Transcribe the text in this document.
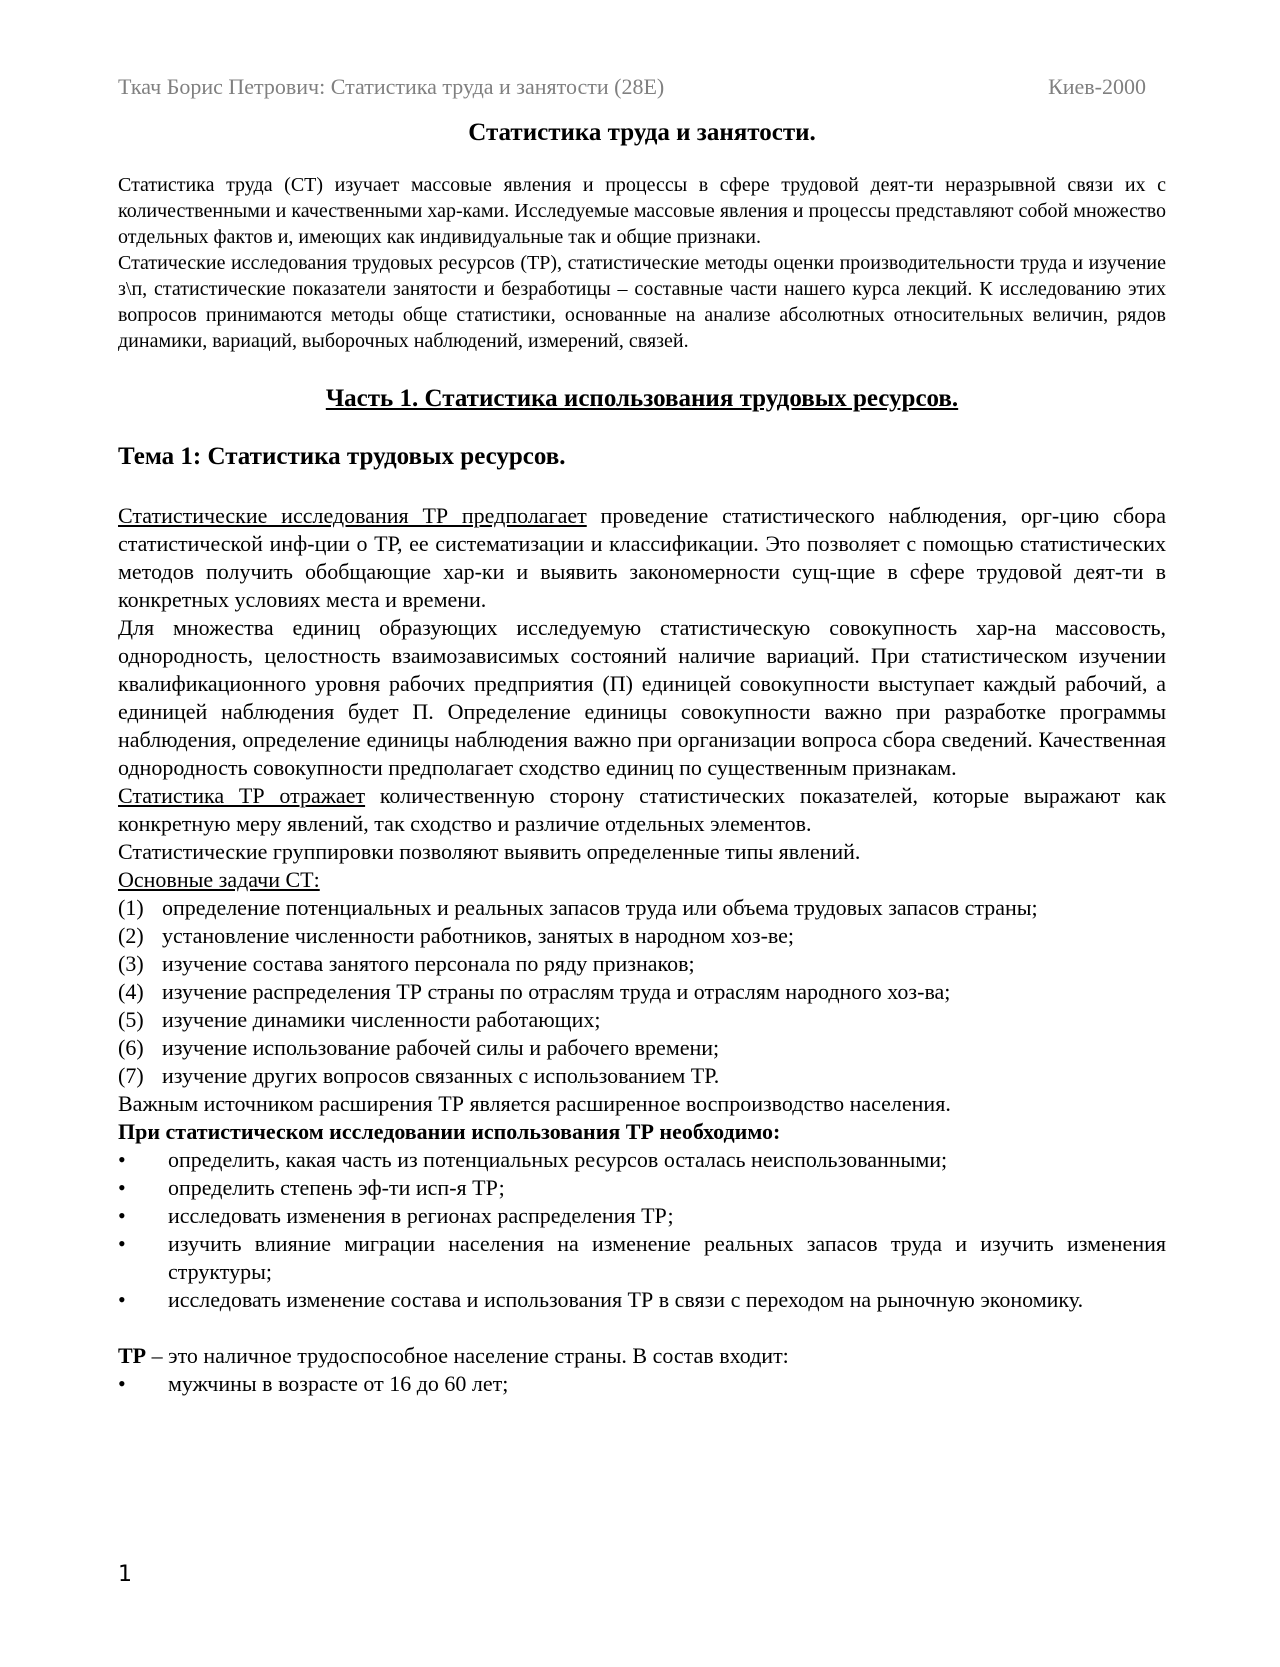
Ткач Борис Петрович: Статистика труда и занятости (28Е)	Киев-2000
Статистика труда и занятости.

Статистика труда (СТ) изучает массовые явления и процессы в сфере трудовой деят-ти неразрывной связи их с количественными и качественными хар-ками. Исследуемые массовые явления и процессы представляют собой множество отдельных фактов и, имеющих как индивидуальные так и общие признаки.

Статические исследования трудовых ресурсов (ТР), статистические методы оценки производительности труда и изучение з\п, статистические показатели занятости и безработицы – составные части нашего курса лекций. К исследованию этих вопросов принимаются методы обще статистики, основанные на анализе абсолютных относительных величин, рядов динамики, вариаций, выборочных наблюдений, измерений, связей.

Часть 1. Статистика использования трудовых ресурсов.
Тема 1: Статистика трудовых ресурсов.

Статистические исследования ТР предполагает проведение статистического наблюдения, орг-цию сбора статистической инф-ции о ТР, ее систематизации и классификации. Это позволяет с помощью статистических методов получить обобщающие хар-ки и выявить закономерности сущ-щие в сфере трудовой деят-ти в конкретных условиях места и времени.

Для множества единиц образующих исследуемую статистическую совокупность хар-на массовость, однородность, целостность взаимозависимых состояний наличие вариаций. При статистическом изучении квалификационного уровня рабочих предприятия (П) единицей совокупности выступает каждый рабочий, а единицей наблюдения будет П. Определение единицы совокупности важно при разработке программы наблюдения, определение единицы наблюдения важно при организации вопроса сбора сведений. Качественная однородность совокупности предполагает сходство единиц по существенным признакам.

Статистика ТР отражает количественную сторону статистических показателей, которые выражают как конкретную меру явлений, так сходство и различие отдельных элементов.

Статистические группировки позволяют выявить определенные типы явлений.

Основные задачи СТ:

(1) определение потенциальных и реальных запасов труда или объема трудовых запасов страны;
(2) установление численности работников, занятых в народном хоз-ве;
(3) изучение состава занятого персонала по ряду признаков;
(4) изучение распределения ТР страны по отраслям труда и отраслям народного хоз-ва;
(5) изучение динамики численности работающих;
(6) изучение использование рабочей силы и рабочего времени;
(7) изучение других вопросов связанных с использованием ТР.

Важным источником расширения ТР является расширенное воспроизводство населения.

При статистическом исследовании использования ТР необходимо:

•	определить, какая часть из потенциальных ресурсов осталась неиспользованными;
•	определить степень эф-ти исп-я ТР;
•	исследовать изменения в регионах распределения ТР;
•	изучить влияние миграции населения на изменение реальных запасов труда и изучить изменения структуры;
•	исследовать изменение состава и использования ТР в связи с переходом на рыночную экономику.

ТР – это наличное трудоспособное население страны. В состав входит:

•	мужчины в возрасте от 16 до 60 лет;
1
